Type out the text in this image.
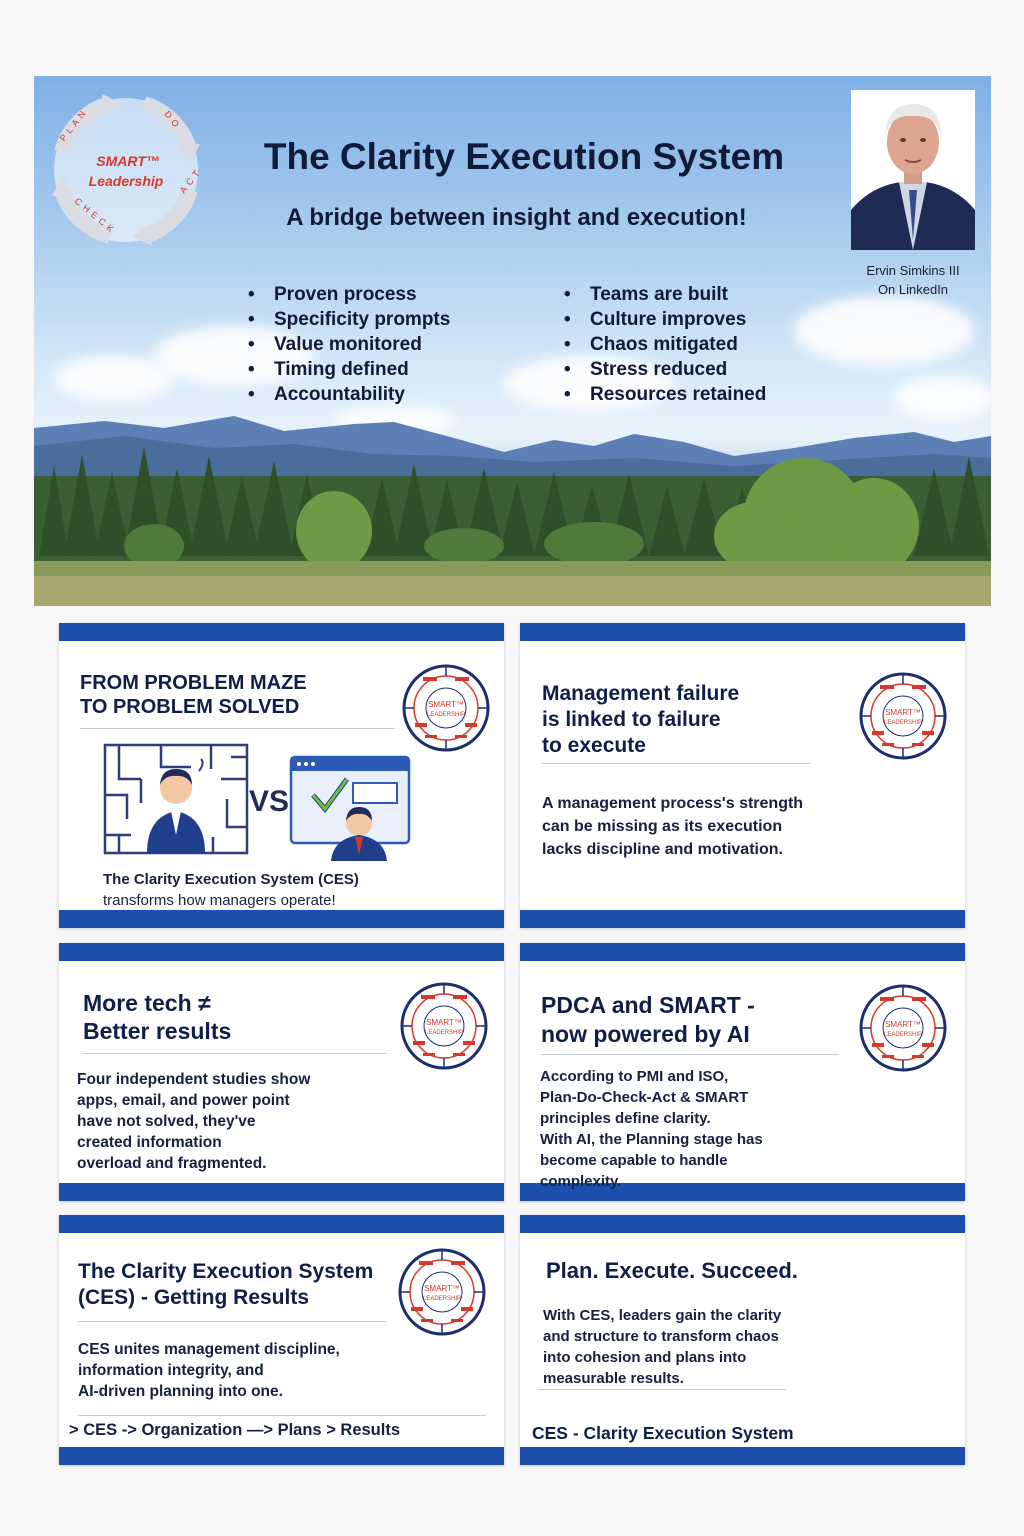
PLAN	DO
ACT
CHECK
SMART™
Leadership
The Clarity Execution System
A bridge between insight and execution!
• Proven process
• Specificity prompts
• Value monitored
• Timing defined
• Accountability
• Teams are built
• Culture improves
• Chaos mitigated
• Stress reduced
• Resources retained
Ervin Simkins III
On LinkedIn
FROM PROBLEM MAZE
TO PROBLEM SOLVED	SMART™
LEADERSHIP
VS

The Clarity Execution System (CES)
transforms how managers operate!

Management failure
is linked to failure
to execute
SMART™
LEADERSHIP

A management process's strength
can be missing as its execution
lacks discipline and motivation.

More tech ≠
Better results	SMART™
LEADERSHIP

Four independent studies show
apps, email, and power point
have not solved, they've
created information
overload and fragmented.

PDCA and SMART -
now powered by AI	SMART™
LEADERSHIP

According to PMI and ISO,
Plan-Do-Check-Act & SMART
principles define clarity.
With AI, the Planning stage has
become capable to handle
complexity.

The Clarity Execution System
(CES) - Getting Results	SMART™
LEADERSHIP

CES unites management discipline,
information integrity, and
AI-driven planning into one.

> CES -> Organization —> Plans > Results

Plan. Execute. Succeed.

With CES, leaders gain the clarity
and structure to transform chaos
into cohesion and plans into
measurable results.

CES - Clarity Execution System
